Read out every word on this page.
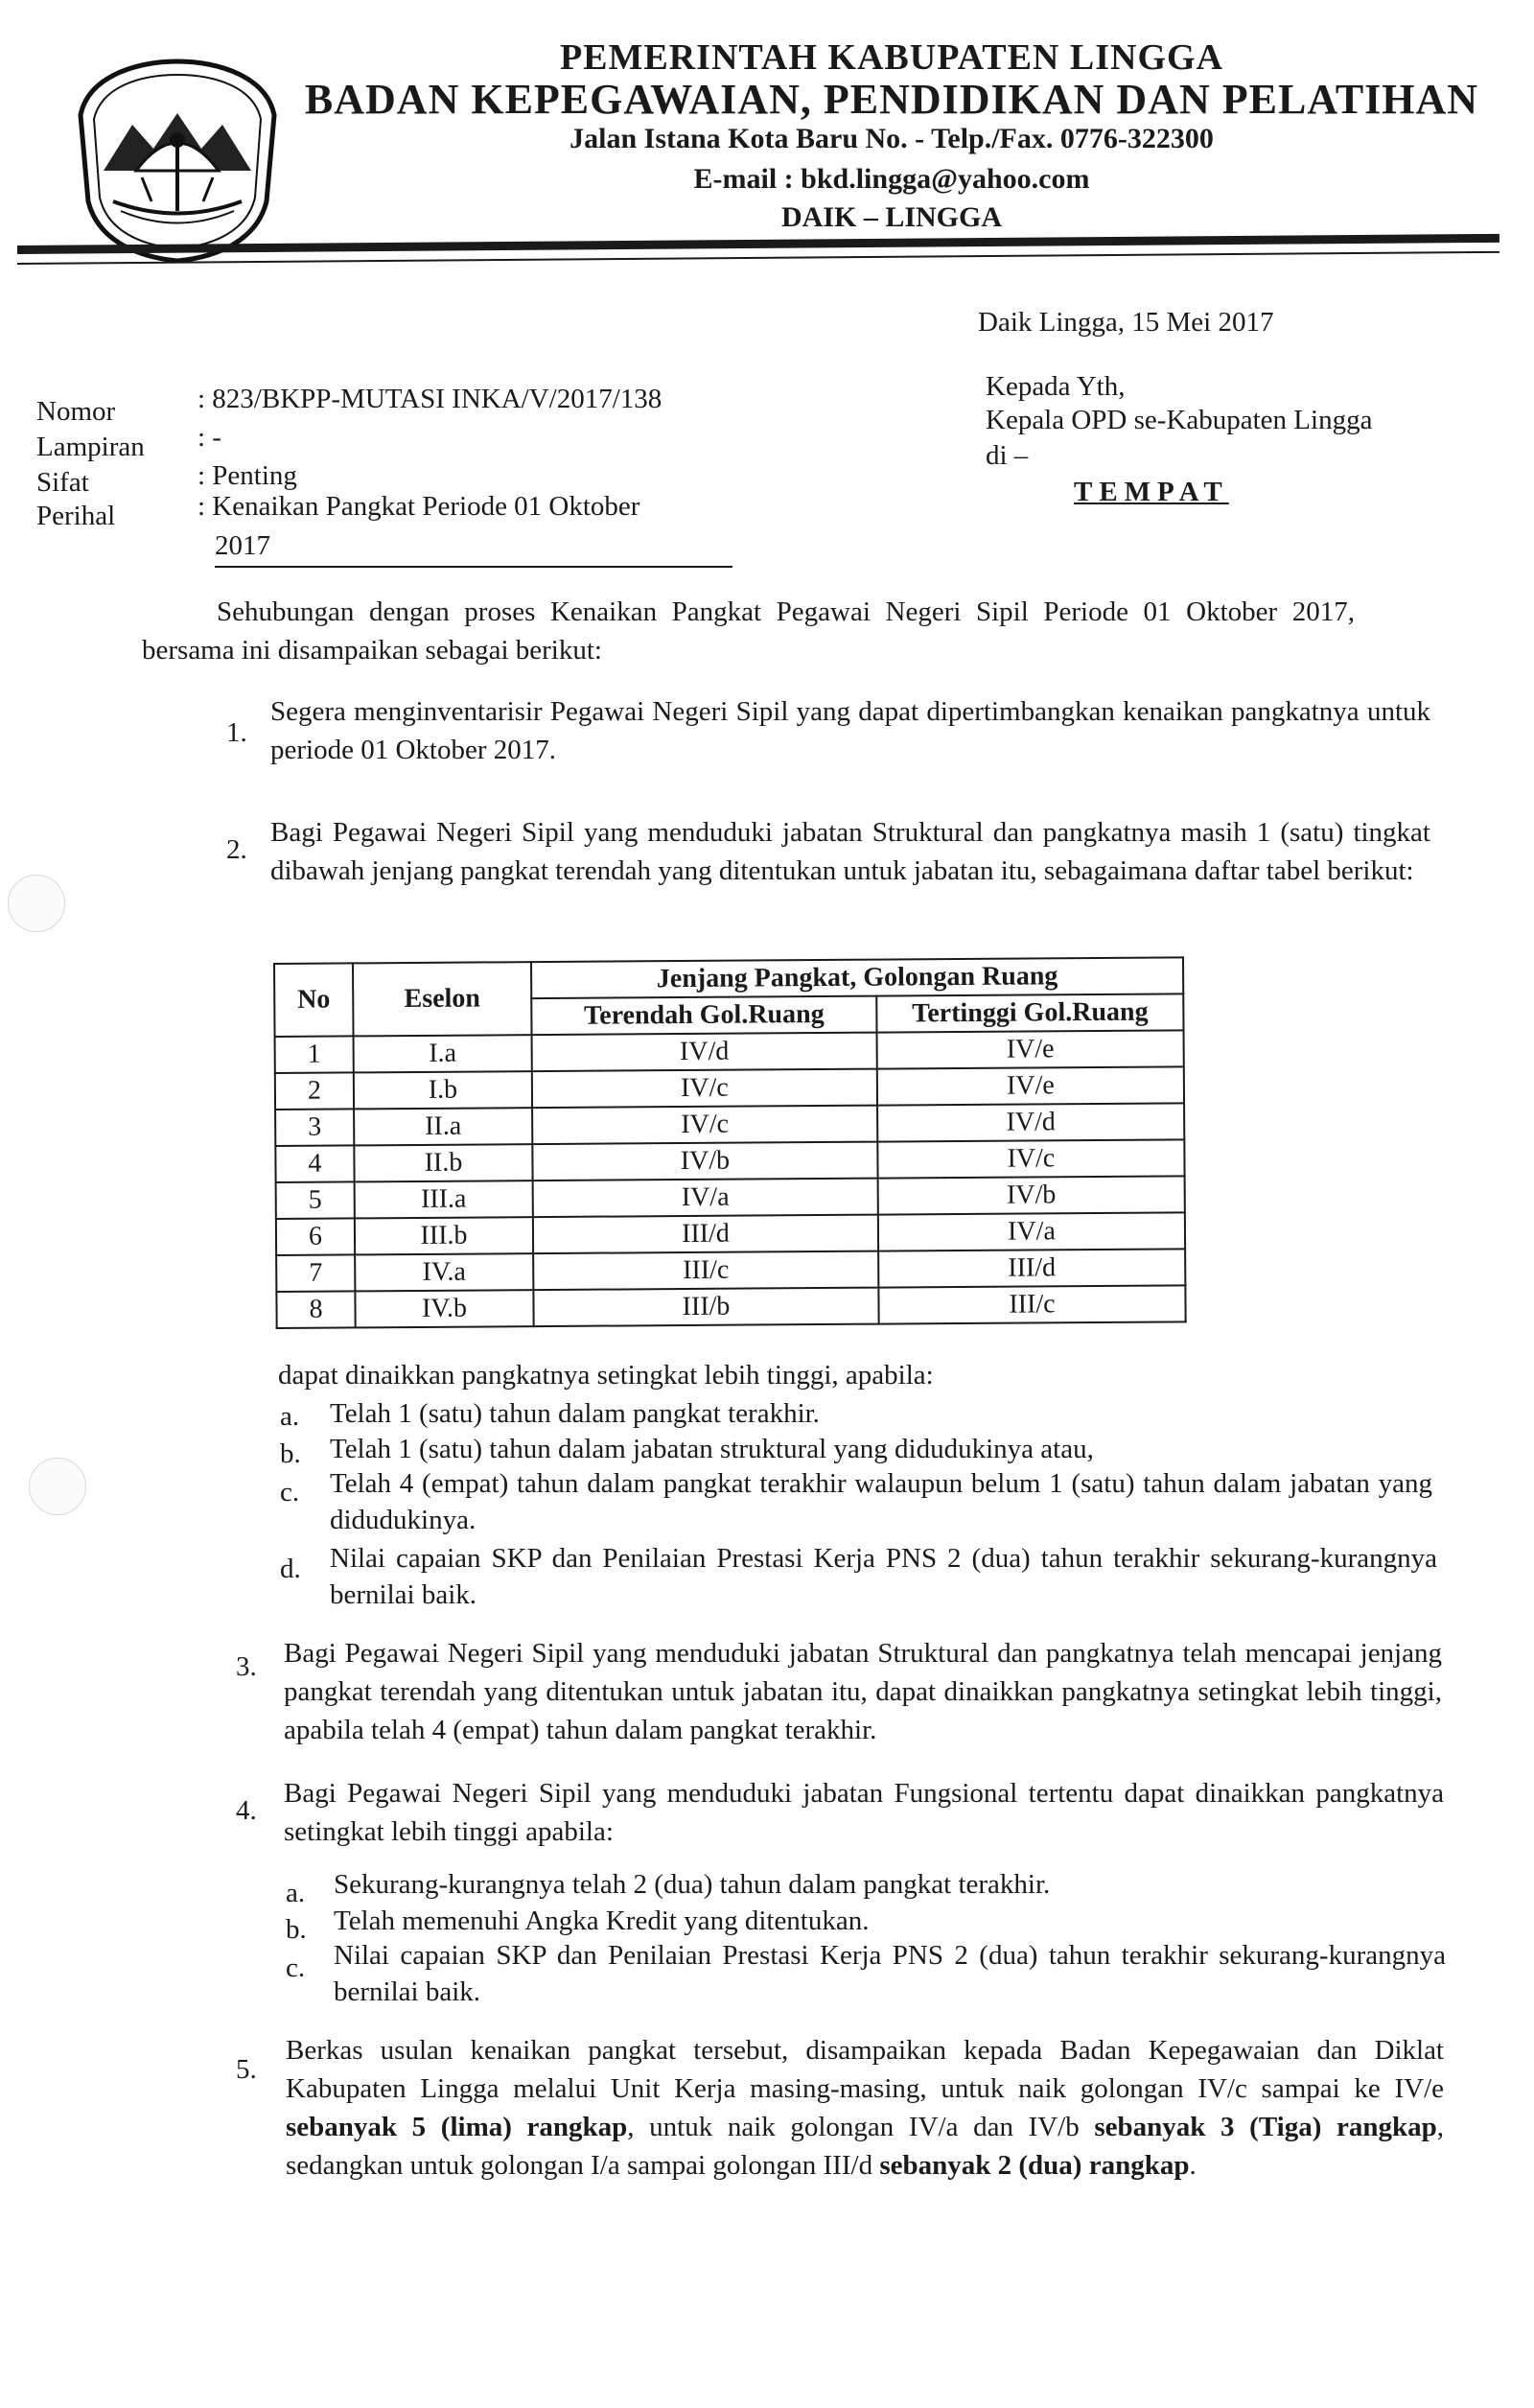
PEMERINTAH KABUPATEN LINGGA
BADAN KEPEGAWAIAN, PENDIDIKAN DAN PELATIHAN
Jalan Istana Kota Baru No. - Telp./Fax. 0776-322300
E-mail : bkd.lingga@yahoo.com
DAIK – LINGGA
Daik Lingga, 15 Mei 2017
Kepada Yth,
Kepala OPD se-Kabupaten Lingga
di –
TEMPAT
Nomor	: 823/BKPP-MUTASI INKA/V/2017/138
Lampiran : -
Sifat	: Penting
Perihal	: Kenaikan Pangkat Periode 01 Oktober
2017
Sehubungan dengan proses Kenaikan Pangkat Pegawai Negeri Sipil Periode 01 Oktober 2017, bersama ini disampaikan sebagai berikut:
1.
Segera menginventarisir Pegawai Negeri Sipil yang dapat dipertimbangkan kenaikan pangkatnya untuk periode 01 Oktober 2017.
2.
Bagi Pegawai Negeri Sipil yang menduduki jabatan Struktural dan pangkatnya masih 1 (satu) tingkat dibawah jenjang pangkat terendah yang ditentukan untuk jabatan itu, sebagaimana daftar tabel berikut:
No	Eselon	Jenjang Pangkat, Golongan Ruang	
		Terendah Gol.Ruang	Tertinggi Gol.Ruang
1	I.a	IV/d	IV/e
2	I.b	IV/c	IV/e
3	II.a	IV/c	IV/d
4	II.b	IV/b	IV/c
5	III.a	IV/a	IV/b
6	III.b	III/d	IV/a
7	IV.a	III/c	III/d
8	IV.b	III/b	III/c
dapat dinaikkan pangkatnya setingkat lebih tinggi, apabila:
a. Telah 1 (satu) tahun dalam pangkat terakhir.
b. Telah 1 (satu) tahun dalam jabatan struktural yang didudukinya atau,
c. Telah 4 (empat) tahun dalam pangkat terakhir walaupun belum 1 (satu) tahun dalam jabatan yang didudukinya.
d. Nilai capaian SKP dan Penilaian Prestasi Kerja PNS 2 (dua) tahun terakhir sekurang-kurangnya bernilai baik.
3. Bagi Pegawai Negeri Sipil yang menduduki jabatan Struktural dan pangkatnya telah mencapai jenjang pangkat terendah yang ditentukan untuk jabatan itu, dapat dinaikkan pangkatnya setingkat lebih tinggi, apabila telah 4 (empat) tahun dalam pangkat terakhir.
4.
Bagi Pegawai Negeri Sipil yang menduduki jabatan Fungsional tertentu dapat dinaikkan pangkatnya setingkat lebih tinggi apabila:
a. Sekurang-kurangnya telah 2 (dua) tahun dalam pangkat terakhir.
b. Telah memenuhi Angka Kredit yang ditentukan.
c. Nilai capaian SKP dan Penilaian Prestasi Kerja PNS 2 (dua) tahun terakhir sekurang-kurangnya bernilai baik.
5.
Berkas usulan kenaikan pangkat tersebut, disampaikan kepada Badan Kepegawaian dan Diklat Kabupaten Lingga melalui Unit Kerja masing-masing, untuk naik golongan IV/c sampai ke IV/e sebanyak 5 (lima) rangkap, untuk naik golongan IV/a dan IV/b sebanyak 3 (Tiga) rangkap, sedangkan untuk golongan I/a sampai golongan III/d sebanyak 2 (dua) rangkap.
